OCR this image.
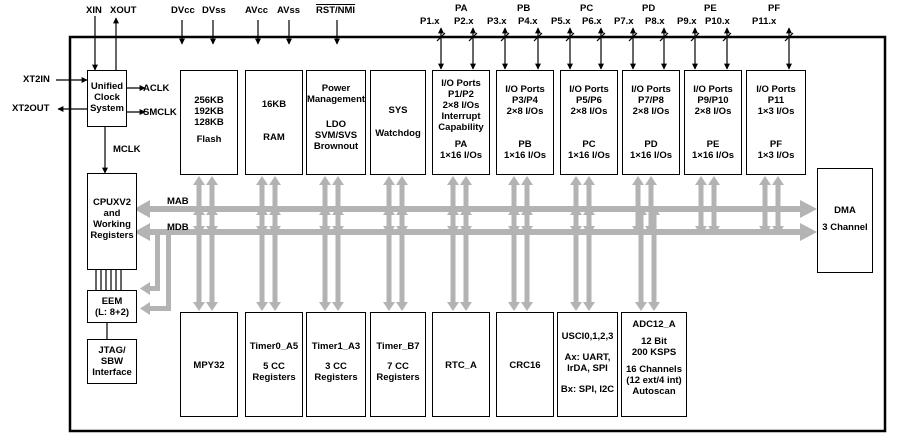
XIN XOUT	DVcc DVss AVcc AVss RST/NMI
XT2IN
XT2OUT
ACLK
SMCLK
MCLK
MAB
MDB
PA	PB	PC	PD	PE	PF
P1.x P2.x P3.x P4.x P5.x P6.x P7.x P8.x P9.x P10.x P11.x
Unified
Clock
System
256KB
192KB
128KB
Flash
16KB
RAM
Power
Management
LDO
SVM/SVS
Brownout
SYS
Watchdog
I/O Ports
P1/P2
2×8 I/Os
Interrupt
Capability
PA
1×16 I/Os
I/O Ports
P3/P4
2×8 I/Os
PB
1×16 I/Os
I/O Ports
P5/P6
2×8 I/Os
PC
1×16 I/Os
I/O Ports
P7/P8
2×8 I/Os
PD
1×16 I/Os
I/O Ports
P9/P10
2×8 I/Os
PE
1×16 I/Os
I/O Ports
P11
1×3 I/Os
PF
1×3 I/Os
CPUXV2
and
Working
Registers
EEM
(L: 8+2)
JTAG/
SBW
Interface
DMA
3 Channel
MPY32
Timer0_A5
5 CC
Registers
Timer1_A3
3 CC
Registers
Timer_B7
7 CC
Registers
RTC_A	CRC16
USCI0,1,2,3
Ax: UART,
IrDA, SPI
Bx: SPI, I2C
ADC12_A
12 Bit
200 KSPS
16 Channels
(12 ext/4 int)
Autoscan
